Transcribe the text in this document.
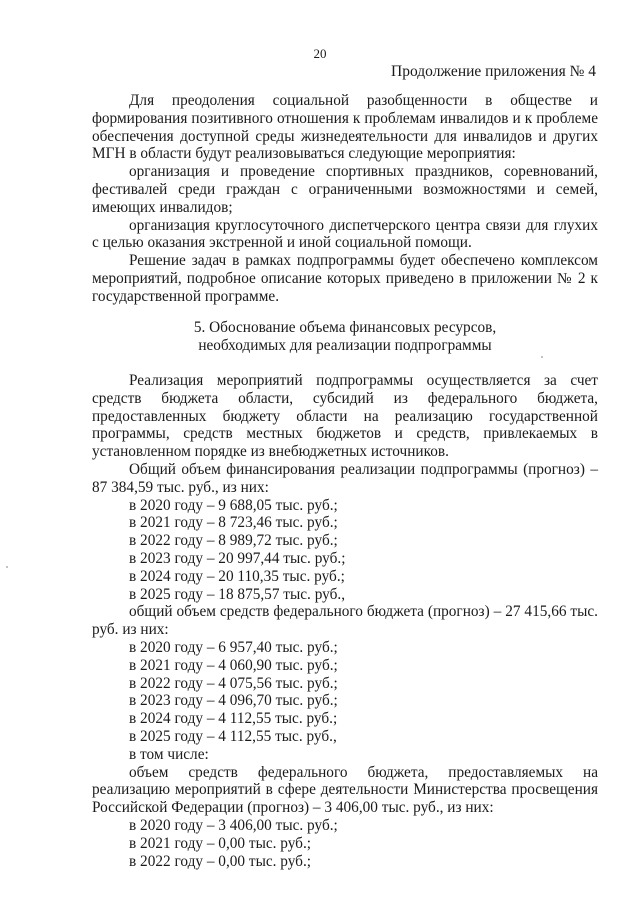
20
Продолжение приложения № 4

Для преодоления социальной разобщенности в обществе и формирования позитивного отношения к проблемам инвалидов и к проблеме обеспечения доступной среды жизнедеятельности для инвалидов и других МГН в области будут реализовываться следующие мероприятия:

организация и проведение спортивных праздников, соревнований, фестивалей среди граждан с ограниченными возможностями и семей, имеющих инвалидов;

организация круглосуточного диспетчерского центра связи для глухих с целью оказания экстренной и иной социальной помощи.

Решение задач в рамках подпрограммы будет обеспечено комплексом мероприятий, подробное описание которых приведено в приложении № 2 к государственной программе.

5. Обоснование объема финансовых ресурсов,
необходимых для реализации подпрограммы

Реализация мероприятий подпрограммы осуществляется за счет средств бюджета области, субсидий из федерального бюджета, предоставленных бюджету области на реализацию государственной программы, средств местных бюджетов и средств, привлекаемых в установленном порядке из внебюджетных источников.

Общий объем финансирования реализации подпрограммы (прогноз) – 87 384,59 тыс. руб., из них:

в 2020 году – 9 688,05 тыс. руб.;

в 2021 году – 8 723,46 тыс. руб.;

в 2022 году – 8 989,72 тыс. руб.;

в 2023 году – 20 997,44 тыс. руб.;

в 2024 году – 20 110,35 тыс. руб.;

в 2025 году – 18 875,57 тыс. руб.,

общий объем средств федерального бюджета (прогноз) – 27 415,66 тыс. руб. из них:

в 2020 году – 6 957,40 тыс. руб.;

в 2021 году – 4 060,90 тыс. руб.;

в 2022 году – 4 075,56 тыс. руб.;

в 2023 году – 4 096,70 тыс. руб.;

в 2024 году – 4 112,55 тыс. руб.;

в 2025 году – 4 112,55 тыс. руб.,

в том числе:

объем средств федерального бюджета, предоставляемых на реализацию мероприятий в сфере деятельности Министерства просвещения Российской Федерации (прогноз) – 3 406,00 тыс. руб., из них:

в 2020 году – 3 406,00 тыс. руб.;

в 2021 году – 0,00 тыс. руб.;

в 2022 году – 0,00 тыс. руб.;
